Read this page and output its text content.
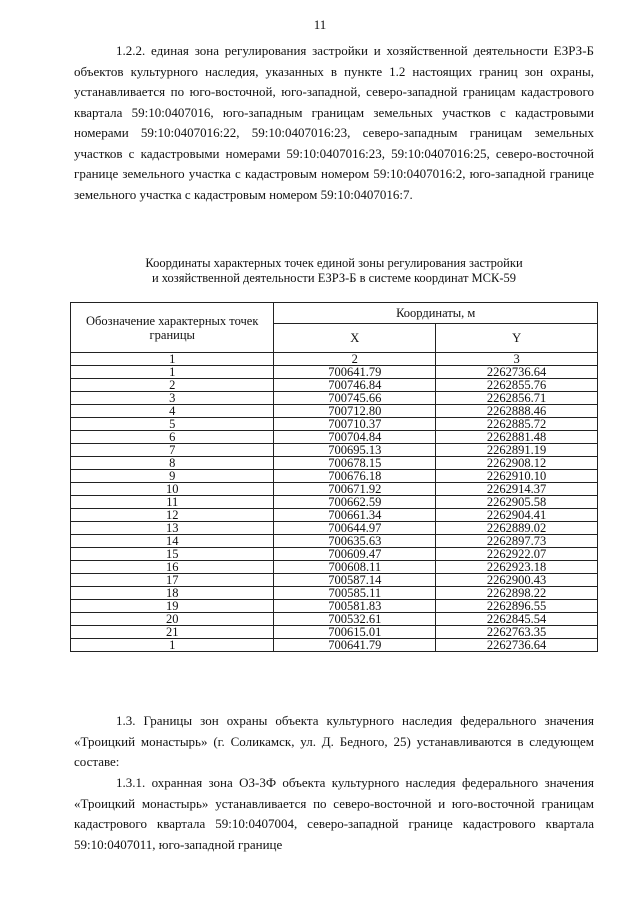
11

1.2.2. единая зона регулирования застройки и хозяйственной деятельности ЕЗРЗ-Б объектов культурного наследия, указанных в пункте 1.2 настоящих границ зон охраны, устанавливается по юго-восточной, юго-западной, северо-западной границам кадастрового квартала 59:10:0407016, юго-западным границам земельных участков с кадастровыми номерами 59:10:0407016:22, 59:10:0407016:23, северо-западным границам земельных участков с кадастровыми номерами 59:10:0407016:23, 59:10:0407016:25, северо-восточной границе земельного участка с кадастровым номером 59:10:0407016:2, юго-западной границе земельного участка с кадастровым номером 59:10:0407016:7.

Координаты характерных точек единой зоны регулирования застройки
и хозяйственной деятельности ЕЗРЗ-Б в системе координат МСК-59
Обозначение характерных точек границы	Координаты, м	
	X	Y
1	2	3
1	700641.79	2262736.64
2	700746.84	2262855.76
3	700745.66	2262856.71
4	700712.80	2262888.46
5	700710.37	2262885.72
6	700704.84	2262881.48
7	700695.13	2262891.19
8	700678.15	2262908.12
9	700676.18	2262910.10
10	700671.92	2262914.37
11	700662.59	2262905.58
12	700661.34	2262904.41
13	700644.97	2262889.02
14	700635.63	2262897.73
15	700609.47	2262922.07
16	700608.11	2262923.18
17	700587.14	2262900.43
18	700585.11	2262898.22
19	700581.83	2262896.55
20	700532.61	2262845.54
21	700615.01	2262763.35
1	700641.79	2262736.64

1.3. Границы зон охраны объекта культурного наследия федерального значения «Троицкий монастырь» (г. Соликамск, ул. Д. Бедного, 25) устанавливаются в следующем составе:

1.3.1. охранная зона ОЗ-3Ф объекта культурного наследия федерального значения «Троицкий монастырь» устанавливается по северо-восточной и юго-восточной границам кадастрового квартала 59:10:0407004, северо-западной границе кадастрового квартала 59:10:0407011, юго-западной границе
